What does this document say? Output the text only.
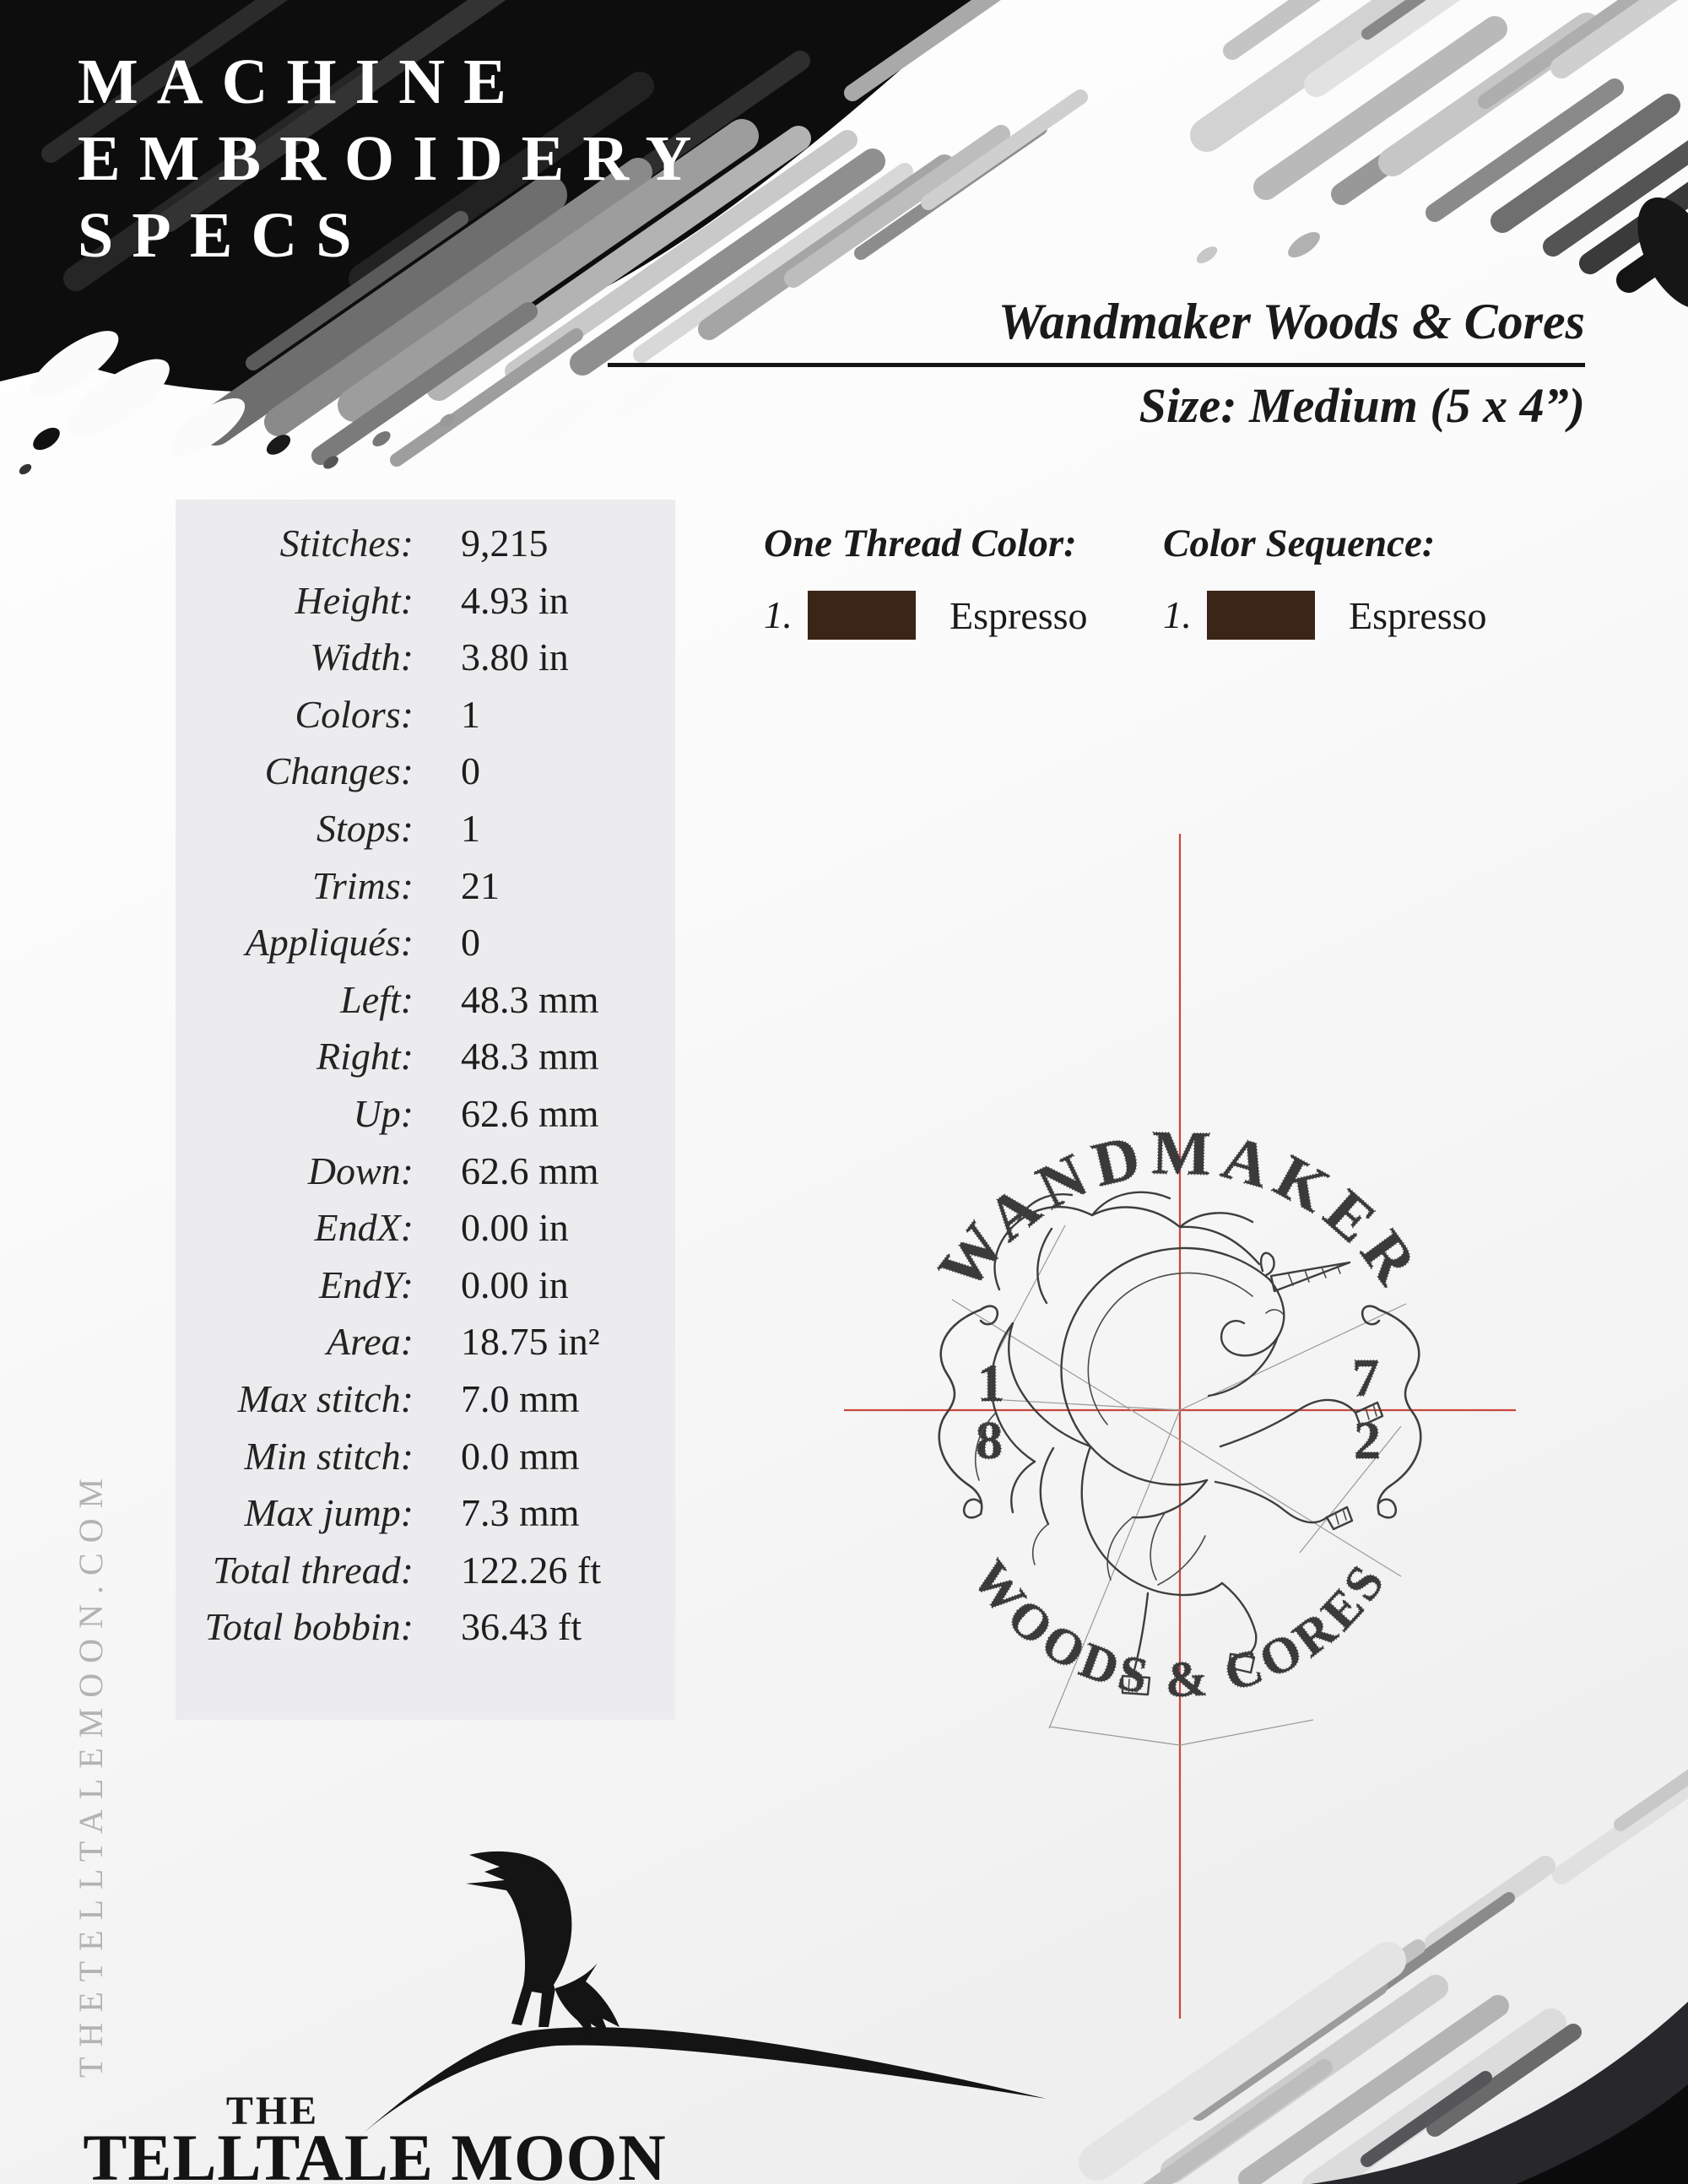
WANDMAKER
WOODS & CORES
1
8
7
2
MACHINE
EMBROIDERY
SPECS
Wandmaker Woods & Cores
Size: Medium (5 x 4”)
Stitches: 9,215
Height: 4.93 in
Width: 3.80 in
Colors: 1
Changes: 0
Stops: 1
Trims: 21
Appliqués: 0
Left: 48.3 mm
Right: 48.3 mm
Up: 62.6 mm
Down: 62.6 mm
EndX: 0.00 in
EndY: 0.00 in
Area: 18.75 in²
Max stitch: 7.0 mm
Min stitch: 0.0 mm
Max jump: 7.3 mm
Total thread: 122.26 ft
Total bobbin: 36.43 ft
One Thread Color:
1.	Espresso
Color Sequence:
1.	Espresso
THETELLTALEMOON.COM
THE
TELLTALE MOON
